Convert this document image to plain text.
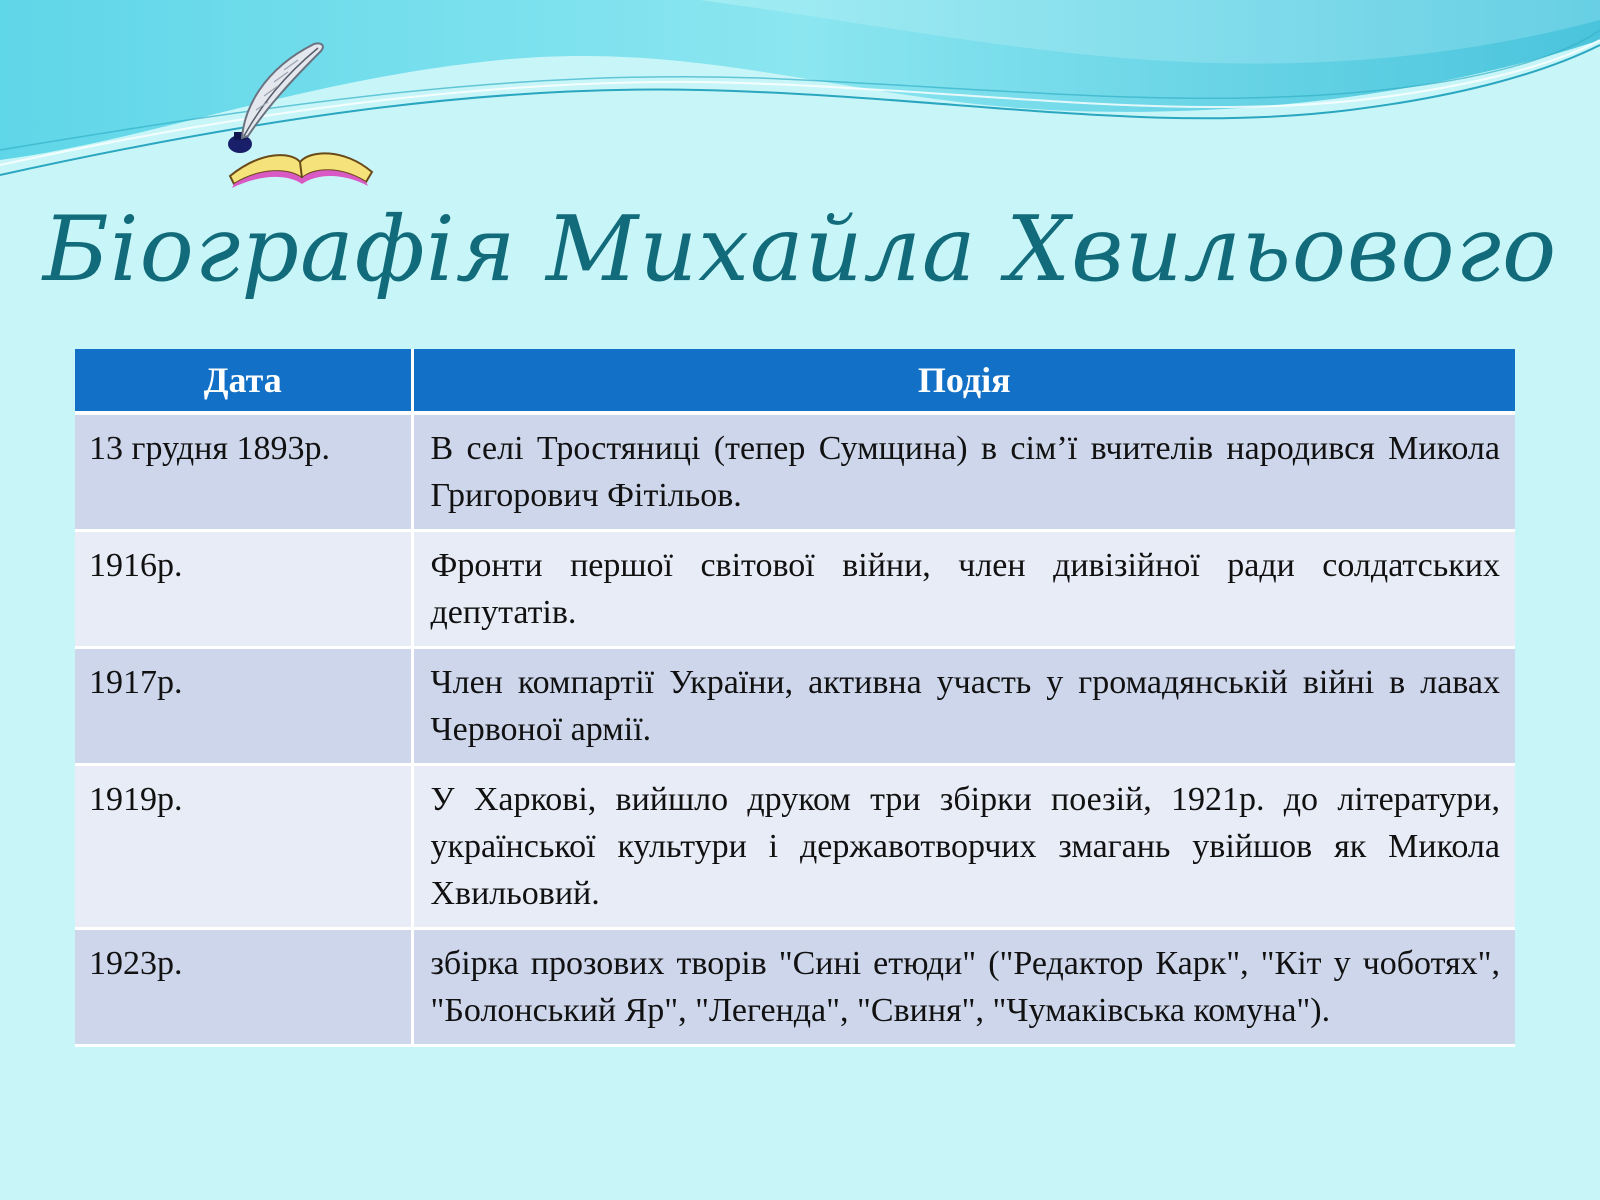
Біографія Михайла Хвильового
Дата	Подія
13 грудня 1893р.	В селі Тростяниці (тепер Сумщина) в сім’ї вчителів народився Микола Григорович Фітільов.
1916р.	Фронти першої світової війни, член дивізійної ради солдатських депутатів.
1917р.	Член компартії України, активна участь у громадянській війні в лавах Червоної армії.
1919р.	У Харкові, вийшло друком три збірки поезій, 1921р. до літератури, української культури і державотворчих змагань увійшов як Микола Хвильовий.
1923р.	збірка прозових творів "Сині етюди" ("Редактор Карк", "Кіт у чоботях", "Болонський Яр", "Легенда", "Свиня", "Чумаківська комуна").
